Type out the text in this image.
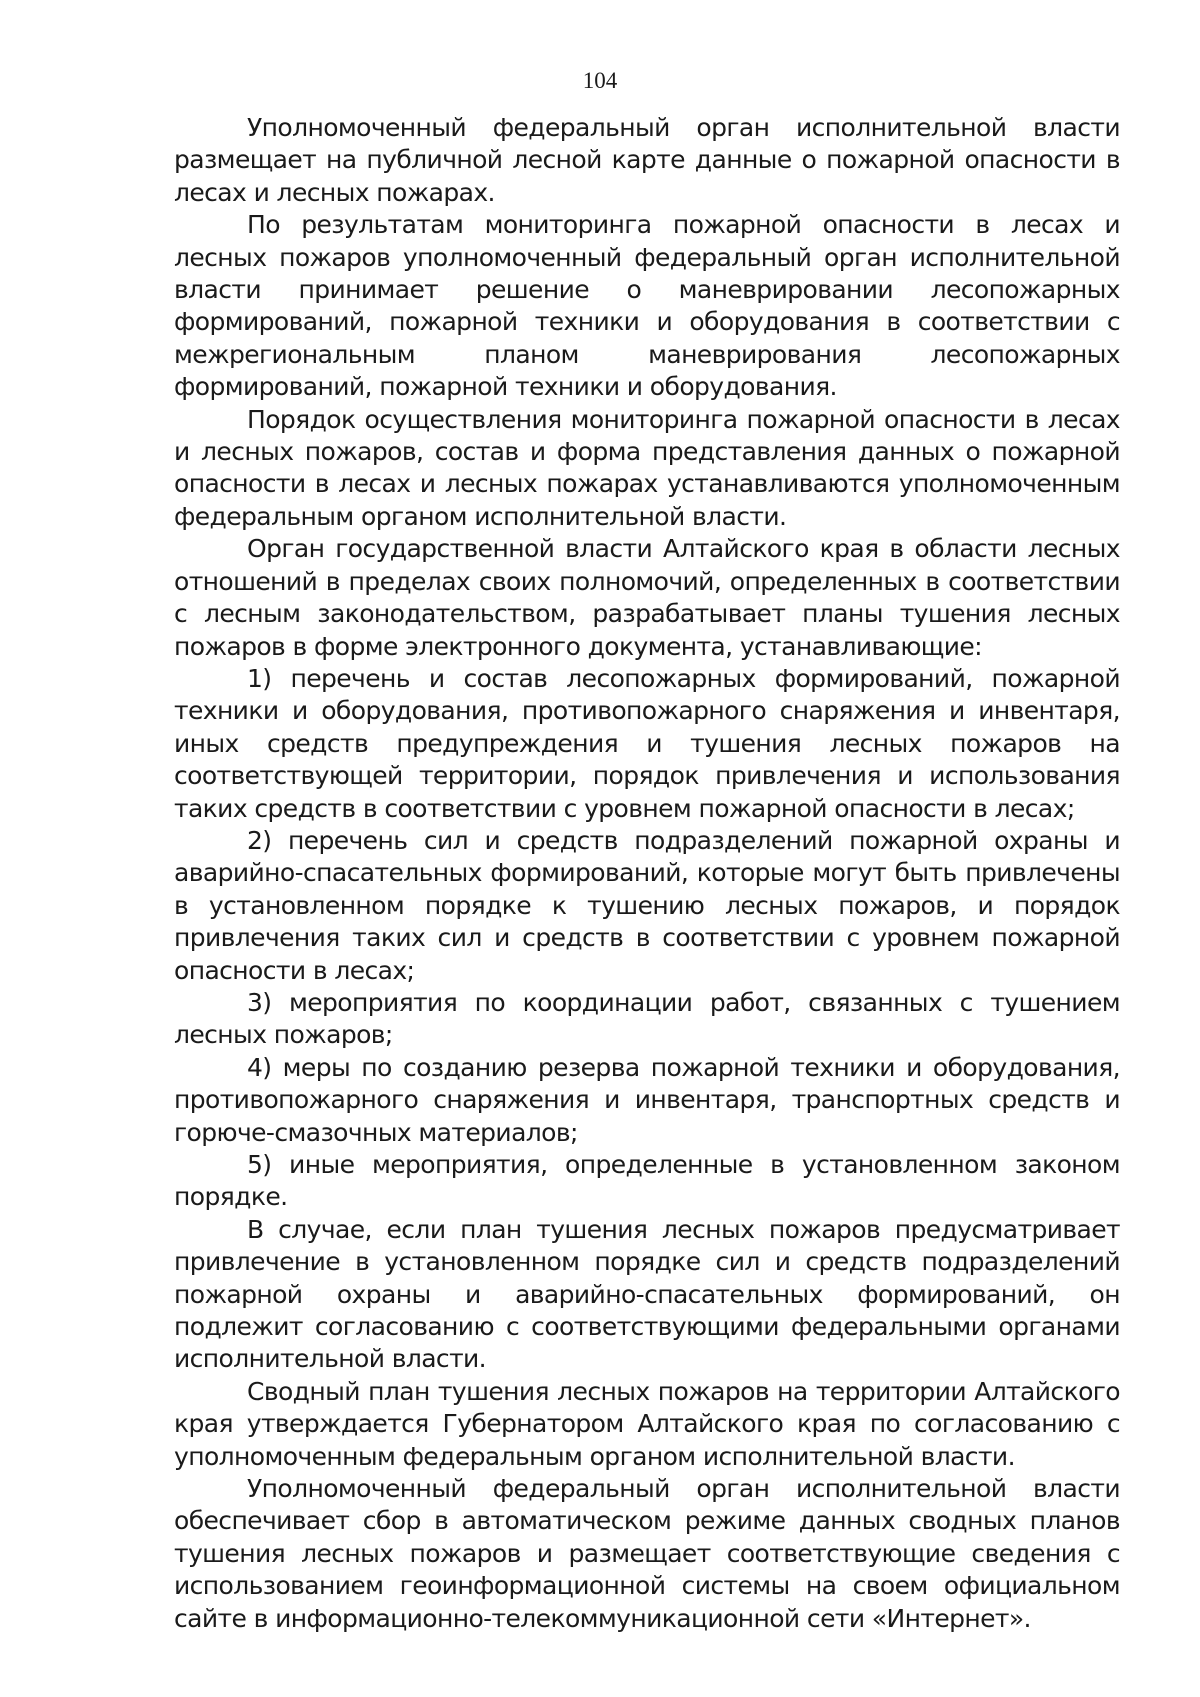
104

Уполномоченный федеральный орган исполнительной власти размещает на публичной лесной карте данные о пожарной опасности в лесах и лесных пожарах.

По результатам мониторинга пожарной опасности в лесах и лесных пожаров уполномоченный федеральный орган исполнительной власти принимает решение о маневрировании лесопожарных формирований, пожарной техники и оборудования в соответствии с межрегиональным планом маневрирования лесопожарных формирований, пожарной техники и оборудования.

Порядок осуществления мониторинга пожарной опасности в лесах и лесных пожаров, состав и форма представления данных о пожарной опасности в лесах и лесных пожарах устанавливаются уполномоченным федеральным органом исполнительной власти.

Орган государственной власти Алтайского края в области лесных отношений в пределах своих полномочий, определенных в соответствии с лесным законодательством, разрабатывает планы тушения лесных пожаров в форме электронного документа, устанавливающие:

1) перечень и состав лесопожарных формирований, пожарной техники и оборудования, противопожарного снаряжения и инвентаря, иных средств предупреждения и тушения лесных пожаров на соответствующей территории, порядок привлечения и использования таких средств в соответствии с уровнем пожарной опасности в лесах;

2) перечень сил и средств подразделений пожарной охраны и аварийно-спасательных формирований, которые могут быть привлечены в установленном порядке к тушению лесных пожаров, и порядок привлечения таких сил и средств в соответствии с уровнем пожарной опасности в лесах;

3) мероприятия по координации работ, связанных с тушением лесных пожаров;

4) меры по созданию резерва пожарной техники и оборудования, противопожарного снаряжения и инвентаря, транспортных средств и горюче-смазочных материалов;

5) иные мероприятия, определенные в установленном законом порядке.

В случае, если план тушения лесных пожаров предусматривает привлечение в установленном порядке сил и средств подразделений пожарной охраны и аварийно-спасательных формирований, он подлежит согласованию с соответствующими федеральными органами исполнительной власти.

Сводный план тушения лесных пожаров на территории Алтайского края утверждается Губернатором Алтайского края по согласованию с уполномоченным федеральным органом исполнительной власти.

Уполномоченный федеральный орган исполнительной власти обеспечивает сбор в автоматическом режиме данных сводных планов тушения лесных пожаров и размещает соответствующие сведения с использованием геоинформационной системы на своем официальном сайте в информационно-телекоммуникационной сети «Интернет».
